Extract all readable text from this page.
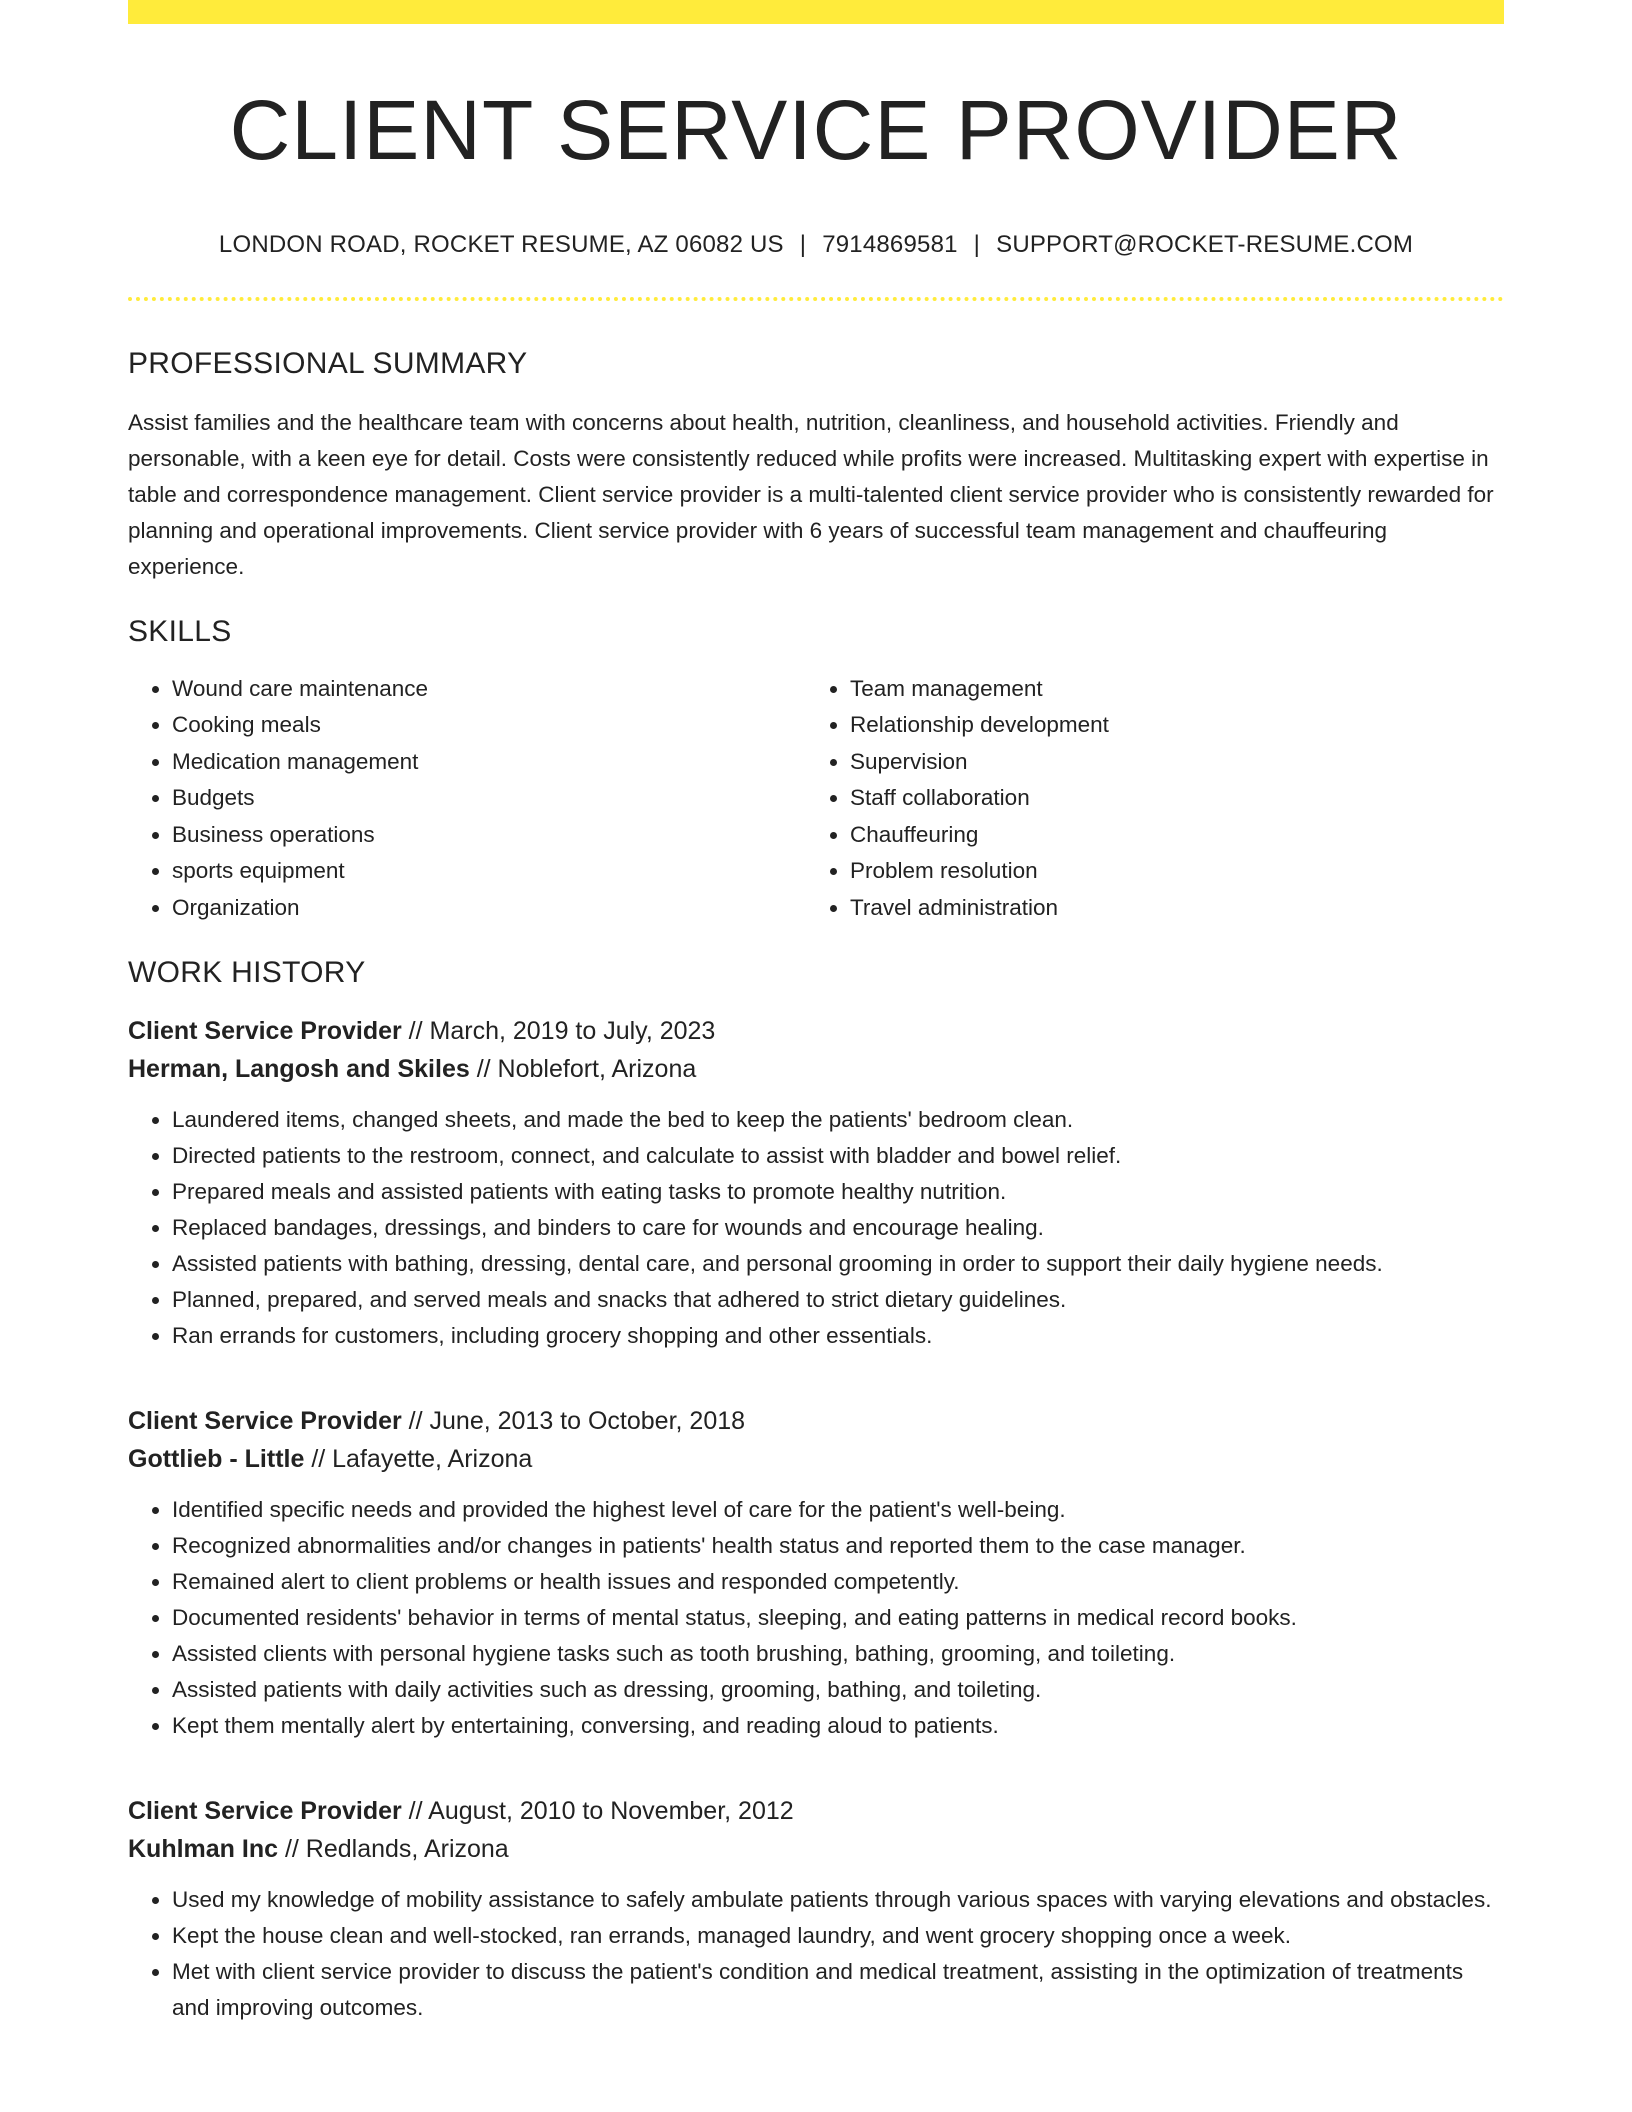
CLIENT SERVICE PROVIDER
LONDON ROAD, ROCKET RESUME, AZ 06082 US | 7914869581 | SUPPORT@ROCKET-RESUME.COM
PROFESSIONAL SUMMARY
Assist families and the healthcare team with concerns about health, nutrition, cleanliness, and household activities. Friendly and personable, with a keen eye for detail. Costs were consistently reduced while profits were increased. Multitasking expert with expertise in table and correspondence management. Client service provider is a multi-talented client service provider who is consistently rewarded for planning and operational improvements. Client service provider with 6 years of successful team management and chauffeuring experience.
SKILLS
• Wound care maintenance
• Cooking meals
• Medication management
• Budgets
• Business operations
• sports equipment
• Organization
• Team management
• Relationship development
• Supervision
• Staff collaboration
• Chauffeuring
• Problem resolution
• Travel administration
WORK HISTORY
Client Service Provider // March, 2019 to July, 2023
Herman, Langosh and Skiles // Noblefort, Arizona
• Laundered items, changed sheets, and made the bed to keep the patients' bedroom clean.
• Directed patients to the restroom, connect, and calculate to assist with bladder and bowel relief.
• Prepared meals and assisted patients with eating tasks to promote healthy nutrition.
• Replaced bandages, dressings, and binders to care for wounds and encourage healing.
• Assisted patients with bathing, dressing, dental care, and personal grooming in order to support their daily hygiene needs.
• Planned, prepared, and served meals and snacks that adhered to strict dietary guidelines.
• Ran errands for customers, including grocery shopping and other essentials.
Client Service Provider // June, 2013 to October, 2018
Gottlieb - Little // Lafayette, Arizona
• Identified specific needs and provided the highest level of care for the patient's well-being.
• Recognized abnormalities and/or changes in patients' health status and reported them to the case manager.
• Remained alert to client problems or health issues and responded competently.
• Documented residents' behavior in terms of mental status, sleeping, and eating patterns in medical record books.
• Assisted clients with personal hygiene tasks such as tooth brushing, bathing, grooming, and toileting.
• Assisted patients with daily activities such as dressing, grooming, bathing, and toileting.
• Kept them mentally alert by entertaining, conversing, and reading aloud to patients.
Client Service Provider // August, 2010 to November, 2012
Kuhlman Inc // Redlands, Arizona
• Used my knowledge of mobility assistance to safely ambulate patients through various spaces with varying elevations and obstacles.
• Kept the house clean and well-stocked, ran errands, managed laundry, and went grocery shopping once a week.
• Met with client service provider to discuss the patient's condition and medical treatment, assisting in the optimization of treatments and improving outcomes.
